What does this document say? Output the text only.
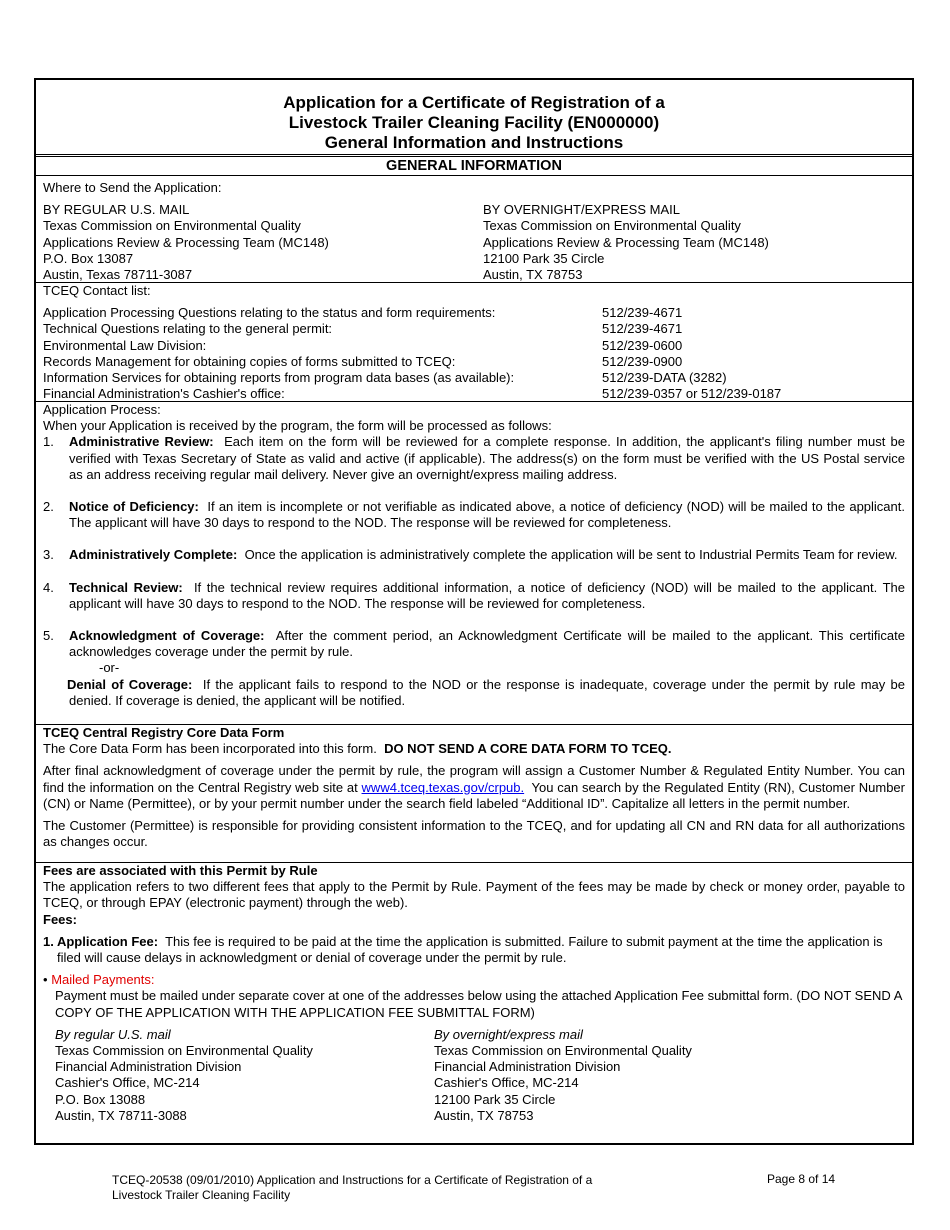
Application for a Certificate of Registration of a
Livestock Trailer Cleaning Facility (EN000000)
General Information and Instructions
GENERAL INFORMATION
Where to Send the Application:
BY REGULAR U.S. MAIL
Texas Commission on Environmental Quality
Applications Review & Processing Team (MC148)
P.O. Box 13087
Austin, Texas 78711-3087
BY OVERNIGHT/EXPRESS MAIL
Texas Commission on Environmental Quality
Applications Review & Processing Team (MC148)
12100 Park 35 Circle
Austin, TX 78753
TCEQ Contact list:
Application Processing Questions relating to the status and form requirements:	512/239-4671
Technical Questions relating to the general permit:	512/239-4671
Environmental Law Division:	512/239-0600
Records Management for obtaining copies of forms submitted to TCEQ:	512/239-0900
Information Services for obtaining reports from program data bases (as available):	512/239-DATA (3282)
Financial Administration's Cashier's office:	512/239-0357 or 512/239-0187
Application Process:
When your Application is received by the program, the form will be processed as follows:
1.	Administrative Review: Each item on the form will be reviewed for a complete response. In addition, the applicant's filing number must be verified with Texas Secretary of State as valid and active (if applicable). The address(s) on the form must be verified with the US Postal service as an address receiving regular mail delivery. Never give an overnight/express mailing address.
2.	Notice of Deficiency: If an item is incomplete or not verifiable as indicated above, a notice of deficiency (NOD) will be mailed to the applicant. The applicant will have 30 days to respond to the NOD. The response will be reviewed for completeness.
3.	Administratively Complete: Once the application is administratively complete the application will be sent to Industrial Permits Team for review.
4.	Technical Review: If the technical review requires additional information, a notice of deficiency (NOD) will be mailed to the applicant. The applicant will have 30 days to respond to the NOD. The response will be reviewed for completeness.
5.	Acknowledgment of Coverage: After the comment period, an Acknowledgment Certificate will be mailed to the applicant. This certificate acknowledges coverage under the permit by rule.
-or-
Denial of Coverage: If the applicant fails to respond to the NOD or the response is inadequate, coverage under the permit by rule may be denied. If coverage is denied, the applicant will be notified.
TCEQ Central Registry Core Data Form
The Core Data Form has been incorporated into this form. DO NOT SEND A CORE DATA FORM TO TCEQ.
After final acknowledgment of coverage under the permit by rule, the program will assign a Customer Number & Regulated Entity Number. You can find the information on the Central Registry web site at www4.tceq.texas.gov/crpub. You can search by the Regulated Entity (RN), Customer Number (CN) or Name (Permittee), or by your permit number under the search field labeled “Additional ID”. Capitalize all letters in the permit number.
The Customer (Permittee) is responsible for providing consistent information to the TCEQ, and for updating all CN and RN data for all authorizations as changes occur.
Fees are associated with this Permit by Rule
The application refers to two different fees that apply to the Permit by Rule. Payment of the fees may be made by check or money order, payable to TCEQ, or through EPAY (electronic payment) through the web).
Fees:
1. Application Fee: This fee is required to be paid at the time the application is submitted. Failure to submit payment at the time the application is filed will cause delays in acknowledgment or denial of coverage under the permit by rule.
• Mailed Payments:
Payment must be mailed under separate cover at one of the addresses below using the attached Application Fee submittal form. (DO NOT SEND A COPY OF THE APPLICATION WITH THE APPLICATION FEE SUBMITTAL FORM)
By regular U.S. mail
Texas Commission on Environmental Quality
Financial Administration Division
Cashier's Office, MC-214
P.O. Box 13088
Austin, TX 78711-3088
By overnight/express mail
Texas Commission on Environmental Quality
Financial Administration Division
Cashier's Office, MC-214
12100 Park 35 Circle
Austin, TX 78753
TCEQ-20538 (09/01/2010) Application and Instructions for a Certificate of Registration of a
Livestock Trailer Cleaning Facility
Page 8 of 14
